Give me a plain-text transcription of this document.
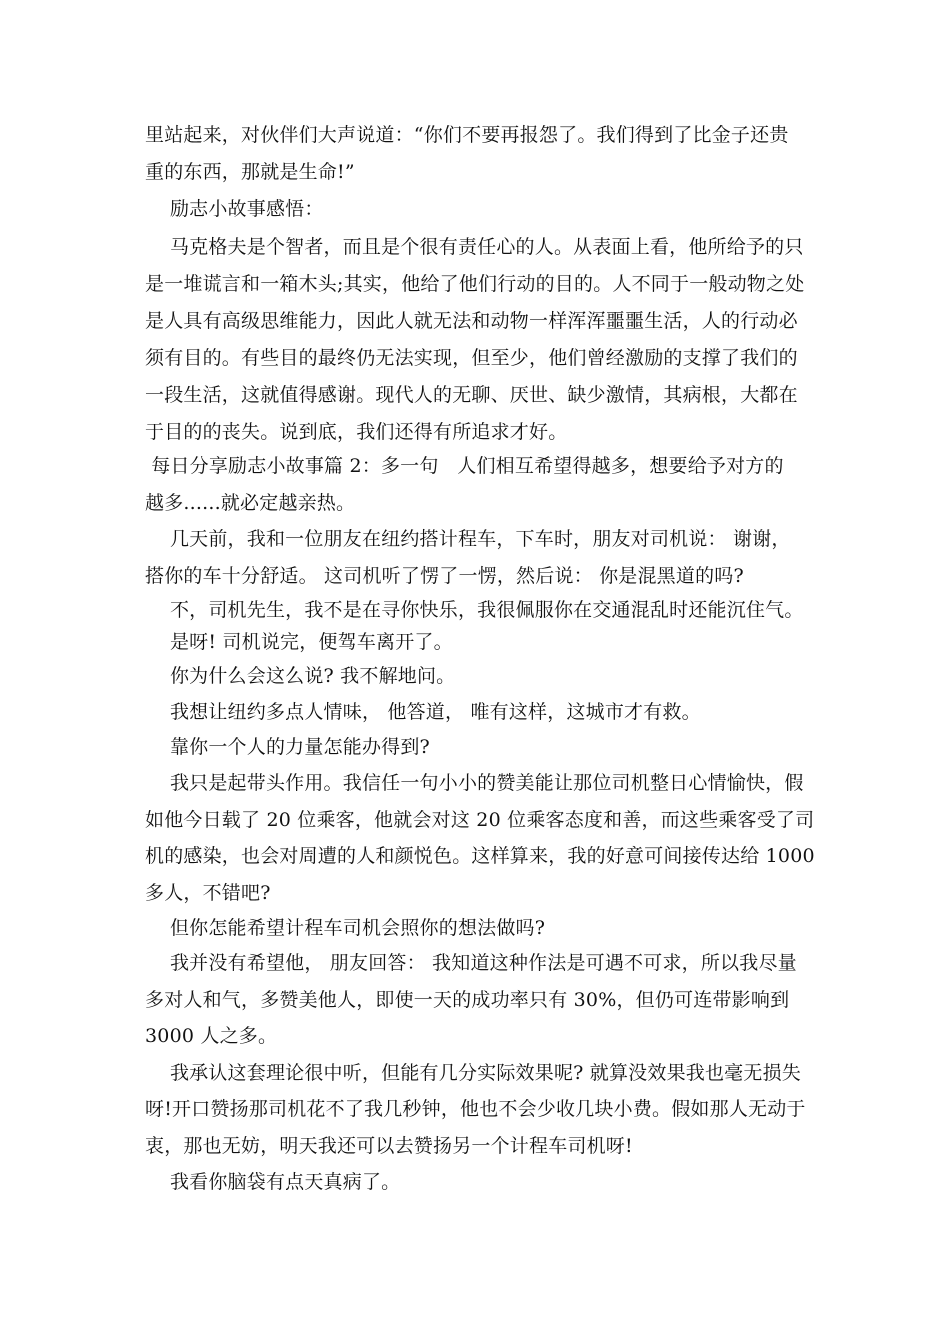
里站起来，对伙伴们大声说道：“你们不要再报怨了。我们得到了比金子还贵
重的东西，那就是生命!”
励志小故事感悟：
马克格夫是个智者，而且是个很有责任心的人。从表面上看，他所给予的只
是一堆谎言和一箱木头;其实，他给了他们行动的目的。人不同于一般动物之处
是人具有高级思维能力，因此人就无法和动物一样浑浑噩噩生活，人的行动必
须有目的。有些目的最终仍无法实现，但至少，他们曾经激励的支撑了我们的
一段生活，这就值得感谢。现代人的无聊、厌世、缺少激情，其病根，大都在
于目的的丧失。说到底，我们还得有所追求才好。
每日分享励志小故事篇 2：多一句   人们相互希望得越多，想要给予对方的
越多......就必定越亲热。
几天前，我和一位朋友在纽约搭计程车，下车时，朋友对司机说： 谢谢，
搭你的车十分舒适。 这司机听了愣了一愣，然后说： 你是混黑道的吗?
不，司机先生，我不是在寻你快乐，我很佩服你在交通混乱时还能沉住气。
是呀! 司机说完，便驾车离开了。
你为什么会这么说? 我不解地问。
我想让纽约多点人情味， 他答道， 唯有这样，这城市才有救。
靠你一个人的力量怎能办得到?
我只是起带头作用。我信任一句小小的赞美能让那位司机整日心情愉快，假
如他今日载了 20 位乘客，他就会对这 20 位乘客态度和善，而这些乘客受了司
机的感染，也会对周遭的人和颜悦色。这样算来，我的好意可间接传达给 1000
多人，不错吧?
但你怎能希望计程车司机会照你的想法做吗?
我并没有希望他， 朋友回答： 我知道这种作法是可遇不可求，所以我尽量
多对人和气，多赞美他人，即使一天的成功率只有 30%，但仍可连带影响到
3000 人之多。
我承认这套理论很中听，但能有几分实际效果呢? 就算没效果我也毫无损失
呀!开口赞扬那司机花不了我几秒钟，他也不会少收几块小费。假如那人无动于
衷，那也无妨，明天我还可以去赞扬另一个计程车司机呀!
我看你脑袋有点天真病了。
